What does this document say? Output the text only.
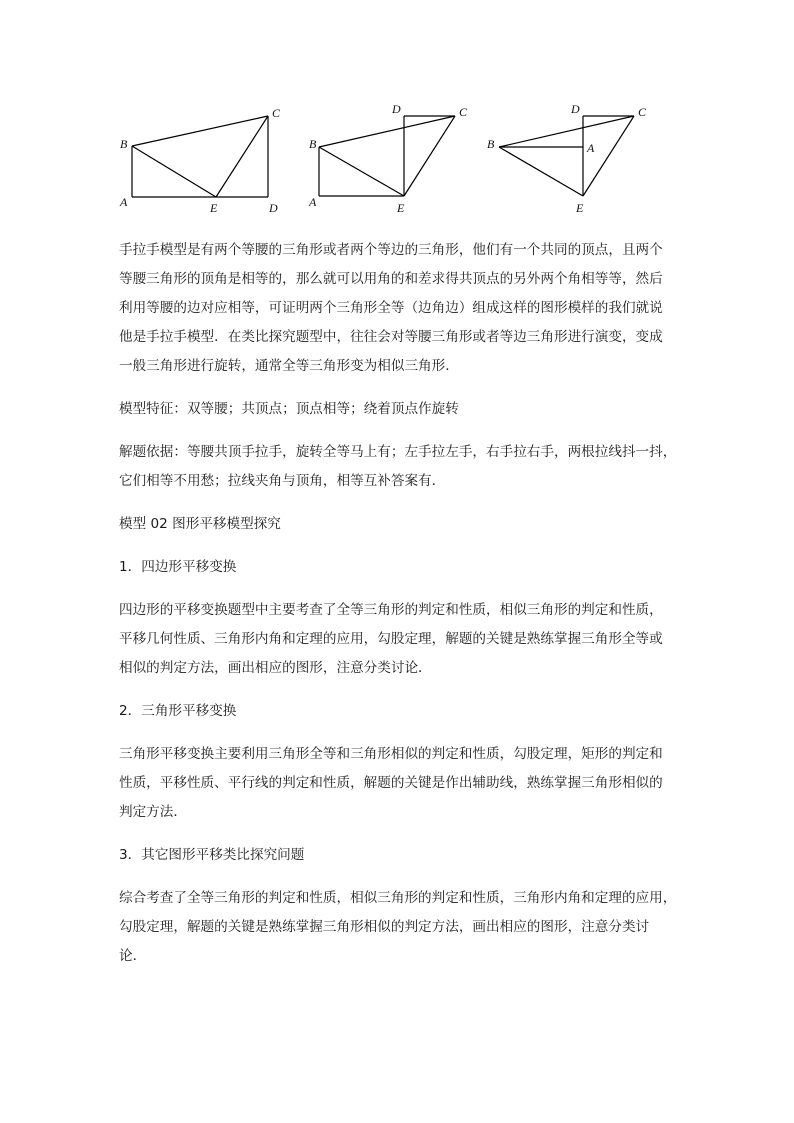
A
B
C
D
E	A
B
C
D
E
A
B
C
D
E
手拉手模型是有两个等腰的三角形或者两个等边的三角形，他们有一个共同的顶点，且两个
等腰三角形的顶角是相等的，那么就可以用角的和差求得共顶点的另外两个角相等等，然后
利用等腰的边对应相等，可证明两个三角形全等（边角边）组成这样的图形模样的我们就说
他是手拉手模型．在类比探究题型中，往往会对等腰三角形或者等边三角形进行演变，变成
一般三角形进行旋转，通常全等三角形变为相似三角形．
模型特征：双等腰；共顶点；顶点相等；绕着顶点作旋转
解题依据：等腰共顶手拉手，旋转全等马上有；左手拉左手，右手拉右手，两根拉线抖一抖，
它们相等不用愁；拉线夹角与顶角，相等互补答案有．
模型 02 图形平移模型探究
1．四边形平移变换
四边形的平移变换题型中主要考查了全等三角形的判定和性质，相似三角形的判定和性质，
平移几何性质、三角形内角和定理的应用，勾股定理，解题的关键是熟练掌握三角形全等或
相似的判定方法，画出相应的图形，注意分类讨论．
2．三角形平移变换
三角形平移变换主要利用三角形全等和三角形相似的判定和性质，勾股定理，矩形的判定和
性质，平移性质、平行线的判定和性质，解题的关键是作出辅助线，熟练掌握三角形相似的
判定方法．
3．其它图形平移类比探究问题
综合考查了全等三角形的判定和性质，相似三角形的判定和性质，三角形内角和定理的应用，
勾股定理，解题的关键是熟练掌握三角形相似的判定方法，画出相应的图形，注意分类讨
论．
